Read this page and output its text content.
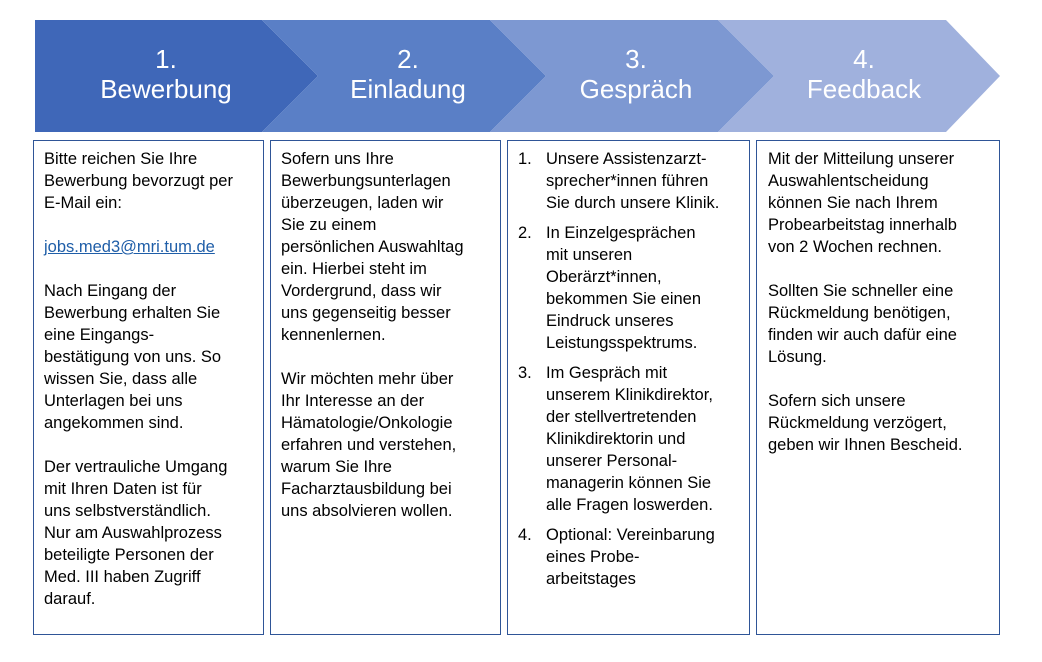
1.
Bewerbung
2.
Einladung
3.
Gespräch
4.
Feedback

Bitte reichen Sie Ihre
Bewerbung bevorzugt per
E-Mail ein:

jobs.med3@mri.tum.de

Nach Eingang der
Bewerbung erhalten Sie
eine Eingangs-
bestätigung von uns. So
wissen Sie, dass alle
Unterlagen bei uns
angekommen sind.

Der vertrauliche Umgang
mit Ihren Daten ist für
uns selbstverständlich.
Nur am Auswahlprozess
beteiligte Personen der
Med. III haben Zugriff
darauf.

Sofern uns Ihre
Bewerbungsunterlagen
überzeugen, laden wir
Sie zu einem
persönlichen Auswahltag
ein. Hierbei steht im
Vordergrund, dass wir
uns gegenseitig besser
kennenlernen.

Wir möchten mehr über
Ihr Interesse an der
Hämatologie/Onkologie
erfahren und verstehen,
warum Sie Ihre
Facharztausbildung bei
uns absolvieren wollen.

1. Unsere Assistenzarzt-
sprecher*innen führen
Sie durch unsere Klinik.
2. In Einzelgesprächen
mit unseren
Oberärzt*innen,
bekommen Sie einen
Eindruck unseres
Leistungsspektrums.
3. Im Gespräch mit
unserem Klinikdirektor,
der stellvertretenden
Klinikdirektorin und
unserer Personal-
managerin können Sie
alle Fragen loswerden.
4. Optional: Vereinbarung
eines Probe-
arbeitstages

Mit der Mitteilung unserer
Auswahlentscheidung
können Sie nach Ihrem
Probearbeitstag innerhalb
von 2 Wochen rechnen.

Sollten Sie schneller eine
Rückmeldung benötigen,
finden wir auch dafür eine
Lösung.

Sofern sich unsere
Rückmeldung verzögert,
geben wir Ihnen Bescheid.
